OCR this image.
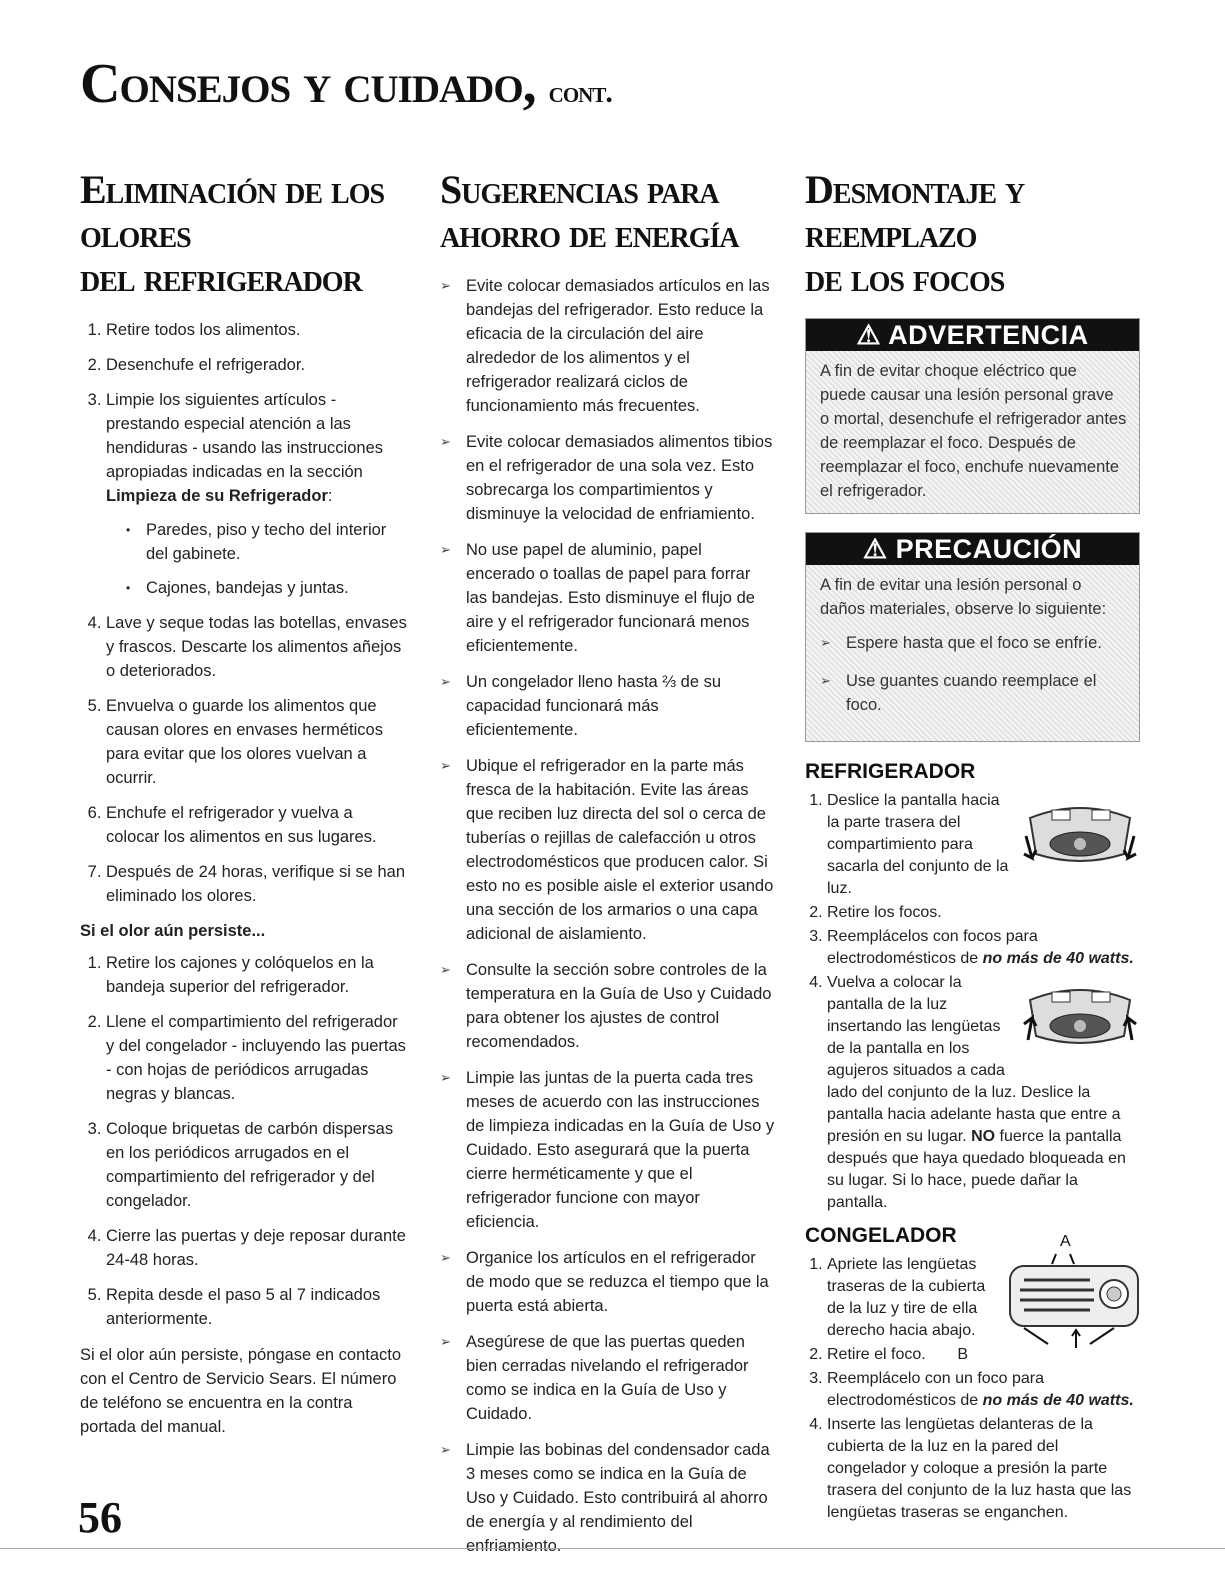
Consejos y cuidado, cont.
Eliminación de los olores
del refrigerador
1. Retire todos los alimentos.
2. Desenchufe el refrigerador.
3. Limpie los siguientes artículos - prestando especial atención a las hendiduras - usando las instrucciones apropiadas indicadas en la sección Limpieza de su Refrigerador:
• Paredes, piso y techo del interior del gabinete.
• Cajones, bandejas y juntas.
4. Lave y seque todas las botellas, envases y frascos. Descarte los alimentos añejos o deteriorados.
5. Envuelva o guarde los alimentos que causan olores en envases herméticos para evitar que los olores vuelvan a ocurrir.
6. Enchufe el refrigerador y vuelva a colocar los alimentos en sus lugares.
7. Después de 24 horas, verifique si se han eliminado los olores.
Si el olor aún persiste...
1. Retire los cajones y colóquelos en la bandeja superior del refrigerador.
2. Llene el compartimiento del refrigerador y del congelador - incluyendo las puertas - con hojas de periódicos arrugadas negras y blancas.
3. Coloque briquetas de carbón dispersas en los periódicos arrugados en el compartimiento del refrigerador y del congelador.
4. Cierre las puertas y deje reposar durante 24-48 horas.
5. Repita desde el paso 5 al 7 indicados anteriormente.

Si el olor aún persiste, póngase en contacto con el Centro de Servicio Sears. El número de teléfono se encuentra en la contra portada del manual.

Sugerencias para
ahorro de energía
➢ Evite colocar demasiados artículos en las bandejas del refrigerador. Esto reduce la eficacia de la circulación del aire alrededor de los alimentos y el refrigerador realizará ciclos de funcionamiento más frecuentes.
➢ Evite colocar demasiados alimentos tibios en el refrigerador de una sola vez. Esto sobrecarga los compartimientos y disminuye la velocidad de enfriamiento.
➢ No use papel de aluminio, papel encerado o toallas de papel para forrar las bandejas. Esto disminuye el flujo de aire y el refrigerador funcionará menos eficientemente.
➢ Un congelador lleno hasta ⅔ de su capacidad funcionará más eficientemente.
➢ Ubique el refrigerador en la parte más fresca de la habitación. Evite las áreas que reciben luz directa del sol o cerca de tuberías o rejillas de calefacción u otros electrodomésticos que producen calor. Si esto no es posible aisle el exterior usando una sección de los armarios o una capa adicional de aislamiento.
➢ Consulte la sección sobre controles de la temperatura en la Guía de Uso y Cuidado para obtener los ajustes de control recomendados.
➢ Limpie las juntas de la puerta cada tres meses de acuerdo con las instrucciones de limpieza indicadas en la Guía de Uso y Cuidado. Esto asegurará que la puerta cierre herméticamente y que el refrigerador funcione con mayor eficiencia.
➢ Organice los artículos en el refrigerador de modo que se reduzca el tiempo que la puerta está abierta.
➢ Asegúrese de que las puertas queden bien cerradas nivelando el refrigerador como se indica en la Guía de Uso y Cuidado.
➢ Limpie las bobinas del condensador cada 3 meses como se indica en la Guía de Uso y Cuidado. Esto contribuirá al ahorro de energía y al rendimiento del enfriamiento.
Desmontaje y reemplazo
de los focos
⚠ ADVERTENCIA
A fin de evitar choque eléctrico que puede causar una lesión personal grave o mortal, desenchufe el refrigerador antes de reemplazar el foco. Después de reemplazar el foco, enchufe nuevamente el refrigerador.
⚠ PRECAUCIÓN
A fin de evitar una lesión personal o daños materiales, observe lo siguiente:
➢ Espere hasta que el foco se enfríe.
➢ Use guantes cuando reemplace el foco.
REFRIGERADOR
1. Deslice la pantalla hacia la parte trasera del compartimiento para sacarla del conjunto de la luz.
2. Retire los focos.
3. Reemplácelos con focos para electrodomésticos de no más de 40 watts.
4. Vuelva a colocar la pantalla de la luz insertando las lengüetas de la pantalla en los agujeros situados a cada lado del conjunto de la luz. Deslice la pantalla hacia adelante hasta que entre a presión en su lugar. NO fuerce la pantalla después que haya quedado bloqueada en su lugar. Si lo hace, puede dañar la pantalla.
CONGELADOR
1.	A
Apriete las lengüetas traseras de la cubierta de la luz y tire de ella derecho hacia abajo.
2. Retire el foco. B
3. Reemplácelo con un foco para electrodomésticos de no más de 40 watts.
4. Inserte las lengüetas delanteras de la cubierta de la luz en la pared del congelador y coloque a presión la parte trasera del conjunto de la luz hasta que las lengüetas traseras se enganchen.
56
